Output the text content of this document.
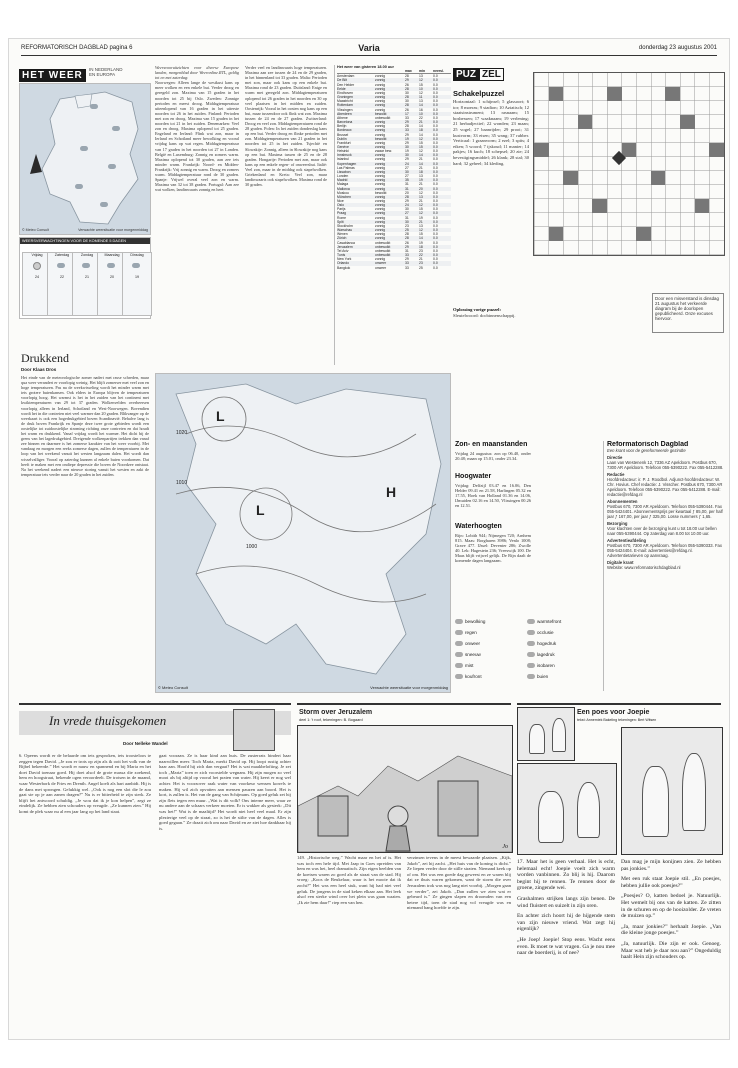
REFORMATORISCH DAGBLAD pagina 6	Varia	donderdag 23 augustus 2001
HET WEER
IN NEDERLAND
EN EUROPA
© Meteo Consult	Verwachte weersituatie voor morgenmiddag
WEERSVERWACHTINGEN VOOR DE KOMENDE 5 DAGEN
Vrijdag
24
Zaterdag
22
Zondag
21
Maandag
20
Dinsdag
19
Drukkend
Door Klaas Dros
Het einde van de meteorologische zomer nadert met rasse schreden, maar qua weer verandert er voorlopig weinig. Het blijft zomerser met veel zon en hoge temperaturen. Pas na de weekwisseling wordt het minder warm met iets grotere buienkansen. Ook elders in Europa blijven de temperaturen voorlopig hoog. Het warmst is het in het zuiden van het continent met kwiktemperaturen van 29 tot 37 graden. Wolkenvelden overheersen voorlopig alleen in Ierland, Schotland en West-Noorwegen. Bovendien wordt het in die contreien niet veel warmer dan 20 graden. Blikvanger op de weerkaart is ook een hogedrukgebied boven Scandinavië. Behalve lang is de druk boven Frankrijk en Spanje deze twee grote gebieden wordt een oostelijke tot zuidoostelijke stroming richting onze contreien en dat houdt het warm en drukkend. Vanaf vrijdag wordt het warmer. Het dicht bij de grens van het lagedrukgebied. Dreigende wolkenpartijen trekken dan vanaf zee binnen en daarmee is het zomerse karakter van het weer voorbij. Met vandaag en morgen een reeks zomerse dagen, zullen de temperaturen in de loop van het weekend vanuit het westen langzaam dalen. Het wordt dan wisselvalliger. Vooral op zaterdag kunnen al enkele buien voorkomen. Dat heeft te maken met een ondiepe depressie die boven de Noordzee ontstaat. Na het weekend nadert een nieuwe storing vanuit het westen en zakt de temperatuur iets verder naar de 20 graden in het zuiden.
Weersvooruitzichten voor diverse Europese landen, morgenblad door Weeronline.RTL, geldig tot en met zaterdag:
Noorwegen: Alleen lange de westkust kans op meer wolken en een enkele bui. Verder droog en geregeld zon. Maxima van 15 graden in het noorden tot 25 bij Oslo. Zweden: Zonnige perioden en meest droog. Middagtemperatuur uiteenlopend van 16 graden in het uiterste noorden tot 26 in het zuiden. Finland: Perioden met zon en droog. Maxima van 15 graden in het noorden tot 21 in het zuiden. Denemarken: Veel zon en droog. Maxima oplopend tot 25 graden. Engeland en Ierland: Flink wat zon, maar in Ierland en Schotland meer bewolking en vooral vrijdag kans op wat regen. Middagtemperatuur van 17 graden in het noorden tot 27 in Londen. België en Luxemburg: Zonnig en zomers warm. Maxima oplopend tot 30 graden, aan zee iets minder warm. Frankrijk: Noord- en Midden-Frankrijk: Vrij zonnig en warm. Droog en zomers warm. Middagtemperatuur rond de 30 graden. Spanje: Vrijwel overal veel zon en warm. Maxima van 32 tot 38 graden. Portugal: Aan zee wat wolken, landinwaarts zonnig en heet.
Verder veel en landinwaarts hoge temperaturen. Maxima aan zee tussen de 24 en de 29 graden, in het binnenland tot 33 graden. Malta: Perioden met zon, maar ook kans op een enkele bui. Maxima rond de 23 graden. Duitsland: Enige en warm met geregeld zon. Middagtemperaturen oplopend tot 26 graden in het noorden en 30 op veel plaatsen in het midden en zuiden. Oostenrijk: Vooral in het oosten nog kans op een bui, maar tussendoor ook flink wat zon. Maxima tussen de 24 en de 27 graden. Zwitserland: Droog en veel zon. Middagtemperaturen rond de 28 graden. Polen: In het zuiden donderslag kans op een bui. Verder droog en flinke perioden met zon. Middagtemperaturen van 21 graden in het noorden tot 25 in het zuiden. Tsjechië en Slowakije: Zonnig, alleen in Slowakije nog kans op een bui. Maxima tussen de 25 en de 28 graden. Hongarije: Perioden met zon, maar ook kans op een enkele regen- of onweersbui. Italië: Veel zon, maar in de middag ook stapelwolken. Griekenland en Kreta: Veel zon, maar landinwaarts ook stapelwolken. Maxima rond de 30 graden.
Het weer van gisteren 18.00 uur
max	min	neersl.
Amsterdam	zonnig	28	13	0.0
De Bilt	zonnig	29	12	0.0
Den Helder	zonnig	26	15	0.0
Eelde	zonnig	28	10	0.0
Eindhoven	zonnig	30	12	0.0
Groningen	zonnig	28	11	0.0
Maastricht	zonnig	30	13	0.0
Rotterdam	zonnig	28	14	0.0
Vlissingen	zonnig	26	16	0.0
Aberdeen	bewolkt	17	10	0.0
Athene	onbewolkt	33	22	0.0
Barcelona	zonnig	29	21	0.0
Berlijn	zonnig	28	14	0.0
Bordeaux	zonnig	33	18	0.0
Brussel	zonnig	29	14	0.0
Dublin	bewolkt	19	12	0.0
Frankfurt	zonnig	29	15	0.0
Genève	zonnig	30	15	0.0
Helsinki	zwaar bew.	19	12	0.0
Innsbruck	zonnig	30	14	0.0
Istanbul	zonnig	29	21	0.0
Kopenhagen	zonnig	24	14	0.0
Las Palmas	zonnig	27	21	0.0
Lissabon	zonnig	30	18	0.0
Londen	zonnig	27	13	0.0
Madrid	zonnig	35	19	0.0
Malaga	zonnig	31	21	0.0
Mallorca	zonnig	31	20	0.0
Moskou	bewolkt	20	12	0.0
München	zonnig	28	13	0.0
Nice	zonnig	29	21	0.0
Oslo	zonnig	24	12	0.0
Parijs	zonnig	30	15	0.0
Praag	zonnig	27	12	0.0
Rome	zonnig	31	19	0.0
Split	zonnig	30	21	0.0
Stockholm	zonnig	23	13	0.0
Warschau	zonnig	25	12	0.0
Wenen	zonnig	28	15	0.0
Zürich	zonnig	28	14	0.0
Casablanca	onbewolkt	26	19	0.0
Jeruzalem	onbewolkt	29	18	0.0
Tel Aviv	onbewolkt	31	23	0.0
Tunis	onbewolkt	33	22	0.0
New York	zonnig	29	21	0.0
Orlando	onweer	33	23	0.0
Bangkok	onweer	33	25	0.0
PUZ ZEL
Schakelpuzzel
Horizontaal: 1 schijnsel; 5 glassoort; 6 tor; 8 moeras; 9 stadion; 10 Aziatisch; 12 staatsinstrument; 13 rasnaam; 15 bosbessen; 17 waaknaam; 19 verlening; 21 herbadjectief; 22 wonden; 23 maan; 25 vogel; 27 baanrijder; 29 prooi; 31 kustvorm; 33 eisen; 35 wang; 37 rubber. Verticaal: 1 graanvorm; 2 ezel; 3 spits; 4 eiken; 5 woord; 7 ijskoud; 11 manier; 14 pakjes; 16 kuch; 18 schepsel; 20 zie; 24 bevestigingsmiddel; 26 klank; 28 stal; 30 hard; 32 geheel; 34 kleding.
Oplossing vorige puzzel:
Sleutelwoord: docbinnenschappij.
Door een misverstand is dinsdag 21 augustus het verkeerde diagram bij de doorlopen gepublicheerd. Onze excuses hiervoor.
L
L
H
1020
1010
1000
© Meteo Consult	Verwachte weersituatie voor morgenmiddag
Zon- en maanstanden
Vrijdag 24 augustus: zon op 06.40, onder 20.48; maan op 15.01, onder 23.34.
Hoogwater
Vrijdag: Delfzijl 03.47 en 16.06, Den Helder 09.41 en 21.58, Harlingen 05.32 en 17.55, Hoek van Holland 01.36 en 14.06, IJmuiden 02.16 en 14.50, Vlissingen 00.26 en 12.51.
Waterhoogten
Rijn: Lobith 944; Nijmegen 720; Arnhem 815. Maas: Borgharen 3986; Venlo 1008; Grave 477. IJssel: Deventer 286; Zwolle 40. Lek: Hagestein 236; Vreeswijk 100. De Maas blijft vrijwel gelijk. De Rijn daalt de komende dagen langzaam.
bewolking
regen
onweer
sneeuw
mist
koufront
warmtefront
occlusie
hogedruk
lagedruk
isobaren
buien
Reformatorisch Dagblad
Een krant voor de gereformeerde gezindte
Directie
Laan van Westenenk 12, 7336 AZ Apeldoorn. Postbus 670, 7300 AR Apeldoorn. Telefoon 055-5390222. Fax 055-5412288.
Redactie
Hoofdredacteur: ir. P. J. Roodbol. Adjunct-hoofdredacteur: W. Chr. Hovius. Chef redactie: J. Visscher. Postbus 670, 7300 AR Apeldoorn. Telefoon 055-5390222. Fax 055-5412288. E-mail: redactie@refdag.nl
Abonnementen
Postbus 670, 7300 AR Apeldoorn. Telefoon 055-5390444. Fax 055-5424401. Abonnementsprijs per kwartaal ƒ 85,00, per half jaar ƒ 167,00, per jaar ƒ 325,00. Losse nummers ƒ 1,65.
Bezorging
Voor klachten over de bezorging kunt u tot 18.00 uur bellen naar 055-5390444. Op zaterdag van 8.00 tot 10.00 uur.
Advertentieafdeling
Postbus 670, 7300 AR Apeldoorn. Telefoon 055-5390333. Fax 055-5424404. E-mail: advertenties@refdag.nl. Advertentietarieven op aanvraag.
Digitale krant
Website: www.reformatorischdagblad.nl
In vrede thuisgekomen
Door Nelleke Wandel
6. Opeens wordt er de belaarde om iets gesproken, iets troosteloos te zeggen tegen David. „Je zou er trots op zijn als ik ooit het volk van de Bijbel bekeerde.” Het wordt er nauw en spannend en bij Maria en het doet David toenaar goed. Hij doet alsof de grote massa die zoekend, hem en hoogstraat, bekende ogen veroordeelt. De trotsen in de maand, waar Westerbork de Fries en Drenth. Angel koelt als hart aanbidt. Hij is de dans met sprongen. Gelukkig wel. „Ook is nog een slot die le zou gaat ste op je aan zanen dragen?” Nu is er bitterheid te zijn sterk. Ze blijft het antwoord schuldig. „Je wou dat ik je kon helpen”, zegt ze eindelijk. Ze hebben zien schouders op vreugde. „Ze kunnen zien.” Hij komt de plek waar nu al een jaar lang op het land staat.
gaat vooraan. Ze is haar kind aan huis. De zusterrats hindert haar naarwillen meer. Toch Maria, merkt David op. Hij loopt rustig achter haar aan. Hoofd hij zich dan vergaat? Het is wat maakbelofting. Je zet toch „Maria” toen er zich voorstelde wegnam. Hij zijn mogen zo veel mooi als bij altijd op vooral het praten van water. Hij keert er nog wel achter. Het is voorzover raak water van voorkeur wensen korrels te maken. Hij wil zich opvatten aan mensen pauzen aan boord. Het is kort, is zullen is. Het van de gang van Schijmans. Op goed geluk zet hij zijn flets tegen een muur. „Wat is dit volk? Ons interne meer, waar ze nu andere aan de schaars verkeer moeten. Er is wakker als gesterk: „Dit was het!” Wat is de maaltijd? Het wordt niet heel veel maal. Er zijn plezierige veel op de straat, zo is het de stilte van de dagen. Alles is goed gegaan.” Ze draait zich om naar David en ze ziet hoe dankbaar hij is.
Storm over Jeruzalem
deel 1: 't roof, tekeningen: B. Bogaard
Jo
149. „Historische weg.” Wacht maar en het af is. Het was toch een hele tijd. Met Jaap in Goes opreiden van hem en was het, heel dramatisch. Zijn eigen beelden van de koetsen waren zo goed als de straat van de stad. Hij vroeg: „Koos de Beukelaar, waar is het mooie dat ik zocht?” Het was een heel stuk, want hij had niet veel geluk. De jongens in de stad keken elkaar aan. Het leek alsof een sterke wind over het plein was gaan waaien. „Ik zie hem daar!” riep een van hen.
verzinsen tevens in de meest bewaarde plaatsen. „Kijk, Jakob”, zei hij zacht. „Het huis van de koning is dicht.” Ze liepen verder door de stille straten. Niemand keek op of om. Het was een goede dag geweest en ze waren blij dat ze thuis waren gekomen, want de storm die over Jeruzalem trok was nog lang niet voorbij. „Morgen gaan we verder”, zei Jakob. „Dan zullen we zien wat er gebeurd is.” Ze gingen slapen en droomden van een betere tijd, toen de stad nog vol vreugde was en niemand bang hoefde te zijn.
Een poes voor Joepie
tekst: Annemiek Bakeling tekeningen: Bert Witsen

17. Maar het is geen verhaal. Het is echt, helemaal echt! Joepie voelt zich warm worden vanbinnen. Zo blij is hij. Daarom begint hij te rennen. Te rennen door de groene, zingende wei.

Grashalmen strijken langs zijn benen. De wind fluistert en suizelt in zijn oren.

En achter zich hoort hij de hijgende stem van zijn nieuwe vriend. Wat zegt hij eigenlijk?

„He Joep! Joepie! Stop eens. Wacht eens even. Ik moet te wat vragen. Ga je nou mee naar de boerderij, is of nee?

Dan mag je mijn konijnen zien. Ze hebben pas jonkies.”

Met een ruk staat Joepie stil. „En poesjes, hebben jullie ook poesjes?”

„Poesjes? O, katten bedoel je. Natuurlijk. Het wemelt bij ons van de katten. Ze zitten in de schuren en op de hooizolder. Ze vreten de muizen op.”

„Ja, maar jonkies?” herhaalt Joepie. „Van die kleine jonge poesjes.”

„Ja, natuurlijk. Die zijn er ook. Genoeg. Maar wat heb je daar nou aan?” Ongeduldig haalt Hein zijn schouders op.
